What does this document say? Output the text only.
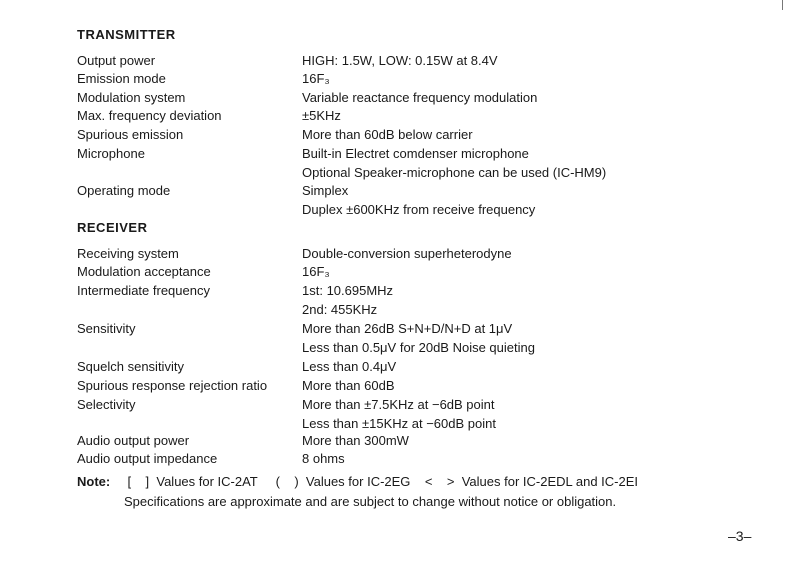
TRANSMITTER
Output power	HIGH: 1.5W, LOW: 0.15W at 8.4V
Emission mode	16F₃
Modulation system	Variable reactance frequency modulation
Max. frequency deviation	±5KHz
Spurious emission	More than 60dB below carrier
Microphone	Built-in Electret comdenser microphone
Optional Speaker-microphone can be used (IC-HM9)
Operating mode	Simplex
Duplex ±600KHz from receive frequency
RECEIVER
Receiving system	Double-conversion superheterodyne
Modulation acceptance	16F₃
Intermediate frequency	1st: 10.695MHz
2nd: 455KHz
Sensitivity	More than 26dB S+N+D/N+D at 1μV
Less than 0.5μV for 20dB Noise quieting
Squelch sensitivity	Less than 0.4μV
Spurious response rejection ratio	More than 60dB
Selectivity	More than ±7.5KHz at −6dB point
Less than ±15KHz at −60dB point
Audio output power	More than 300mW
Audio output impedance	8 ohms
Note: [    ]  Values for IC-2AT     (    )  Values for IC-2EG    <    >  Values for IC-2EDL and IC-2EI
Specifications are approximate and are subject to change without notice or obligation.
–3–
